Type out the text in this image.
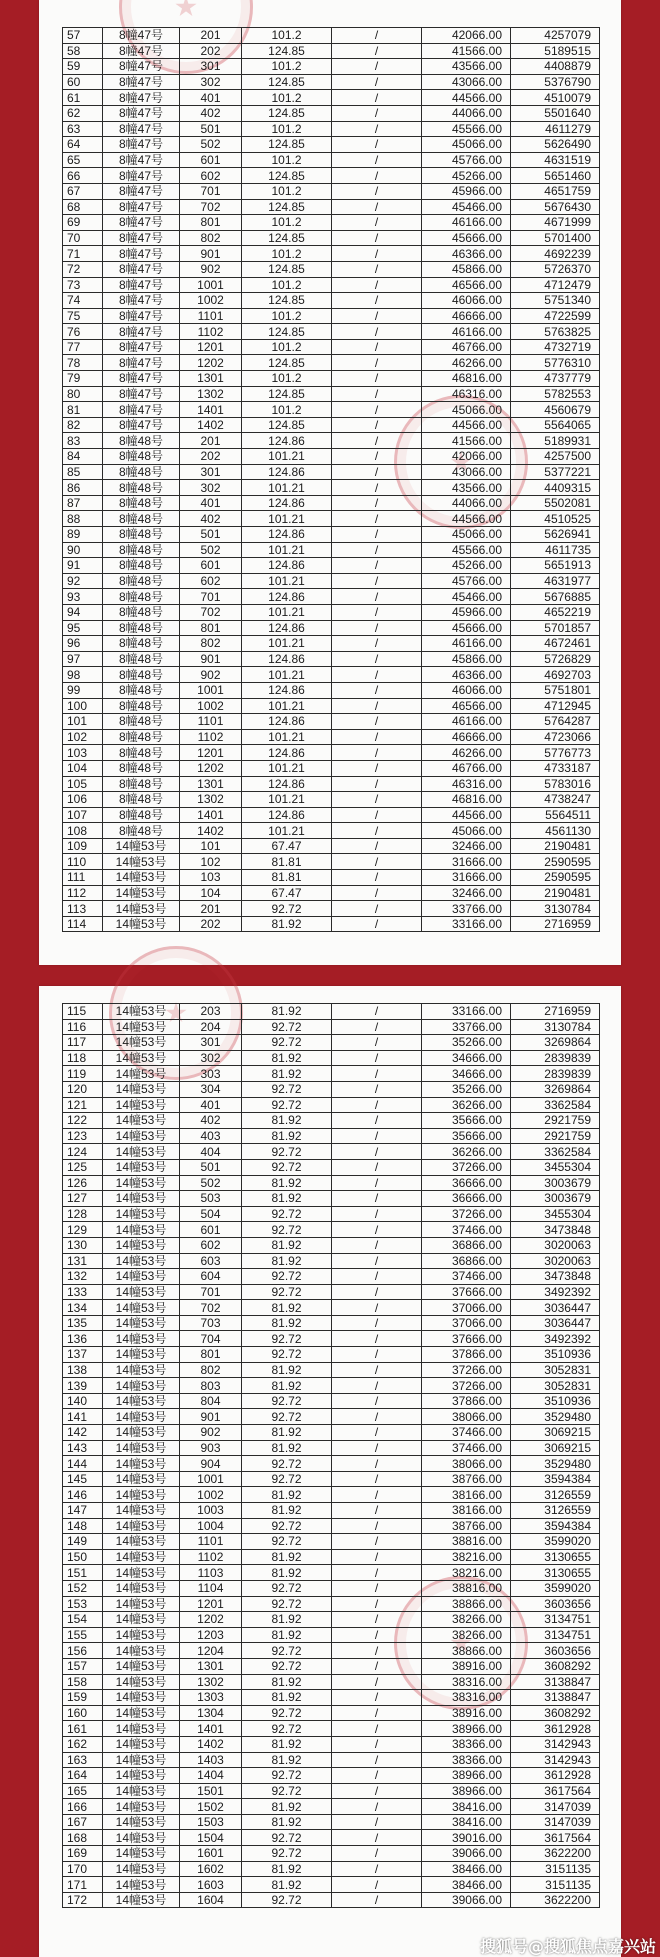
57	8幢47号	201	101.2	/	42066.00	4257079
58	8幢47号	202	124.85	/	41566.00	5189515
59	8幢47号	301	101.2	/	43566.00	4408879
60	8幢47号	302	124.85	/	43066.00	5376790
61	8幢47号	401	101.2	/	44566.00	4510079
62	8幢47号	402	124.85	/	44066.00	5501640
63	8幢47号	501	101.2	/	45566.00	4611279
64	8幢47号	502	124.85	/	45066.00	5626490
65	8幢47号	601	101.2	/	45766.00	4631519
66	8幢47号	602	124.85	/	45266.00	5651460
67	8幢47号	701	101.2	/	45966.00	4651759
68	8幢47号	702	124.85	/	45466.00	5676430
69	8幢47号	801	101.2	/	46166.00	4671999
70	8幢47号	802	124.85	/	45666.00	5701400
71	8幢47号	901	101.2	/	46366.00	4692239
72	8幢47号	902	124.85	/	45866.00	5726370
73	8幢47号	1001	101.2	/	46566.00	4712479
74	8幢47号	1002	124.85	/	46066.00	5751340
75	8幢47号	1101	101.2	/	46666.00	4722599
76	8幢47号	1102	124.85	/	46166.00	5763825
77	8幢47号	1201	101.2	/	46766.00	4732719
78	8幢47号	1202	124.85	/	46266.00	5776310
79	8幢47号	1301	101.2	/	46816.00	4737779
80	8幢47号	1302	124.85	/	46316.00	5782553
81	8幢47号	1401	101.2	/	45066.00	4560679
82	8幢47号	1402	124.85	/	44566.00	5564065
83	8幢48号	201	124.86	/	41566.00	5189931
84	8幢48号	202	101.21	/	42066.00	4257500
85	8幢48号	301	124.86	/	43066.00	5377221
86	8幢48号	302	101.21	/	43566.00	4409315
87	8幢48号	401	124.86	/	44066.00	5502081
88	8幢48号	402	101.21	/	44566.00	4510525
89	8幢48号	501	124.86	/	45066.00	5626941
90	8幢48号	502	101.21	/	45566.00	4611735
91	8幢48号	601	124.86	/	45266.00	5651913
92	8幢48号	602	101.21	/	45766.00	4631977
93	8幢48号	701	124.86	/	45466.00	5676885
94	8幢48号	702	101.21	/	45966.00	4652219
95	8幢48号	801	124.86	/	45666.00	5701857
96	8幢48号	802	101.21	/	46166.00	4672461
97	8幢48号	901	124.86	/	45866.00	5726829
98	8幢48号	902	101.21	/	46366.00	4692703
99	8幢48号	1001	124.86	/	46066.00	5751801
100	8幢48号	1002	101.21	/	46566.00	4712945
101	8幢48号	1101	124.86	/	46166.00	5764287
102	8幢48号	1102	101.21	/	46666.00	4723066
103	8幢48号	1201	124.86	/	46266.00	5776773
104	8幢48号	1202	101.21	/	46766.00	4733187
105	8幢48号	1301	124.86	/	46316.00	5783016
106	8幢48号	1302	101.21	/	46816.00	4738247
107	8幢48号	1401	124.86	/	44566.00	5564511
108	8幢48号	1402	101.21	/	45066.00	4561130
109	14幢53号	101	67.47	/	32466.00	2190481
110	14幢53号	102	81.81	/	31666.00	2590595
111	14幢53号	103	81.81	/	31666.00	2590595
112	14幢53号	104	67.47	/	32466.00	2190481
113	14幢53号	201	92.72	/	33766.00	3130784
114	14幢53号	202	81.92	/	33166.00	2716959
115	14幢53号	203	81.92	/	33166.00	2716959
116	14幢53号	204	92.72	/	33766.00	3130784
117	14幢53号	301	92.72	/	35266.00	3269864
118	14幢53号	302	81.92	/	34666.00	2839839
119	14幢53号	303	81.92	/	34666.00	2839839
120	14幢53号	304	92.72	/	35266.00	3269864
121	14幢53号	401	92.72	/	36266.00	3362584
122	14幢53号	402	81.92	/	35666.00	2921759
123	14幢53号	403	81.92	/	35666.00	2921759
124	14幢53号	404	92.72	/	36266.00	3362584
125	14幢53号	501	92.72	/	37266.00	3455304
126	14幢53号	502	81.92	/	36666.00	3003679
127	14幢53号	503	81.92	/	36666.00	3003679
128	14幢53号	504	92.72	/	37266.00	3455304
129	14幢53号	601	92.72	/	37466.00	3473848
130	14幢53号	602	81.92	/	36866.00	3020063
131	14幢53号	603	81.92	/	36866.00	3020063
132	14幢53号	604	92.72	/	37466.00	3473848
133	14幢53号	701	92.72	/	37666.00	3492392
134	14幢53号	702	81.92	/	37066.00	3036447
135	14幢53号	703	81.92	/	37066.00	3036447
136	14幢53号	704	92.72	/	37666.00	3492392
137	14幢53号	801	92.72	/	37866.00	3510936
138	14幢53号	802	81.92	/	37266.00	3052831
139	14幢53号	803	81.92	/	37266.00	3052831
140	14幢53号	804	92.72	/	37866.00	3510936
141	14幢53号	901	92.72	/	38066.00	3529480
142	14幢53号	902	81.92	/	37466.00	3069215
143	14幢53号	903	81.92	/	37466.00	3069215
144	14幢53号	904	92.72	/	38066.00	3529480
145	14幢53号	1001	92.72	/	38766.00	3594384
146	14幢53号	1002	81.92	/	38166.00	3126559
147	14幢53号	1003	81.92	/	38166.00	3126559
148	14幢53号	1004	92.72	/	38766.00	3594384
149	14幢53号	1101	92.72	/	38816.00	3599020
150	14幢53号	1102	81.92	/	38216.00	3130655
151	14幢53号	1103	81.92	/	38216.00	3130655
152	14幢53号	1104	92.72	/	38816.00	3599020
153	14幢53号	1201	92.72	/	38866.00	3603656
154	14幢53号	1202	81.92	/	38266.00	3134751
155	14幢53号	1203	81.92	/	38266.00	3134751
156	14幢53号	1204	92.72	/	38866.00	3603656
157	14幢53号	1301	92.72	/	38916.00	3608292
158	14幢53号	1302	81.92	/	38316.00	3138847
159	14幢53号	1303	81.92	/	38316.00	3138847
160	14幢53号	1304	92.72	/	38916.00	3608292
161	14幢53号	1401	92.72	/	38966.00	3612928
162	14幢53号	1402	81.92	/	38366.00	3142943
163	14幢53号	1403	81.92	/	38366.00	3142943
164	14幢53号	1404	92.72	/	38966.00	3612928
165	14幢53号	1501	92.72	/	38966.00	3617564
166	14幢53号	1502	81.92	/	38416.00	3147039
167	14幢53号	1503	81.92	/	38416.00	3147039
168	14幢53号	1504	92.72	/	39016.00	3617564
169	14幢53号	1601	92.72	/	39066.00	3622200
170	14幢53号	1602	81.92	/	38466.00	3151135
171	14幢53号	1603	81.92	/	38466.00	3151135
172	14幢53号	1604	92.72	/	39066.00	3622200
搜狐号@搜狐焦点嘉兴站
